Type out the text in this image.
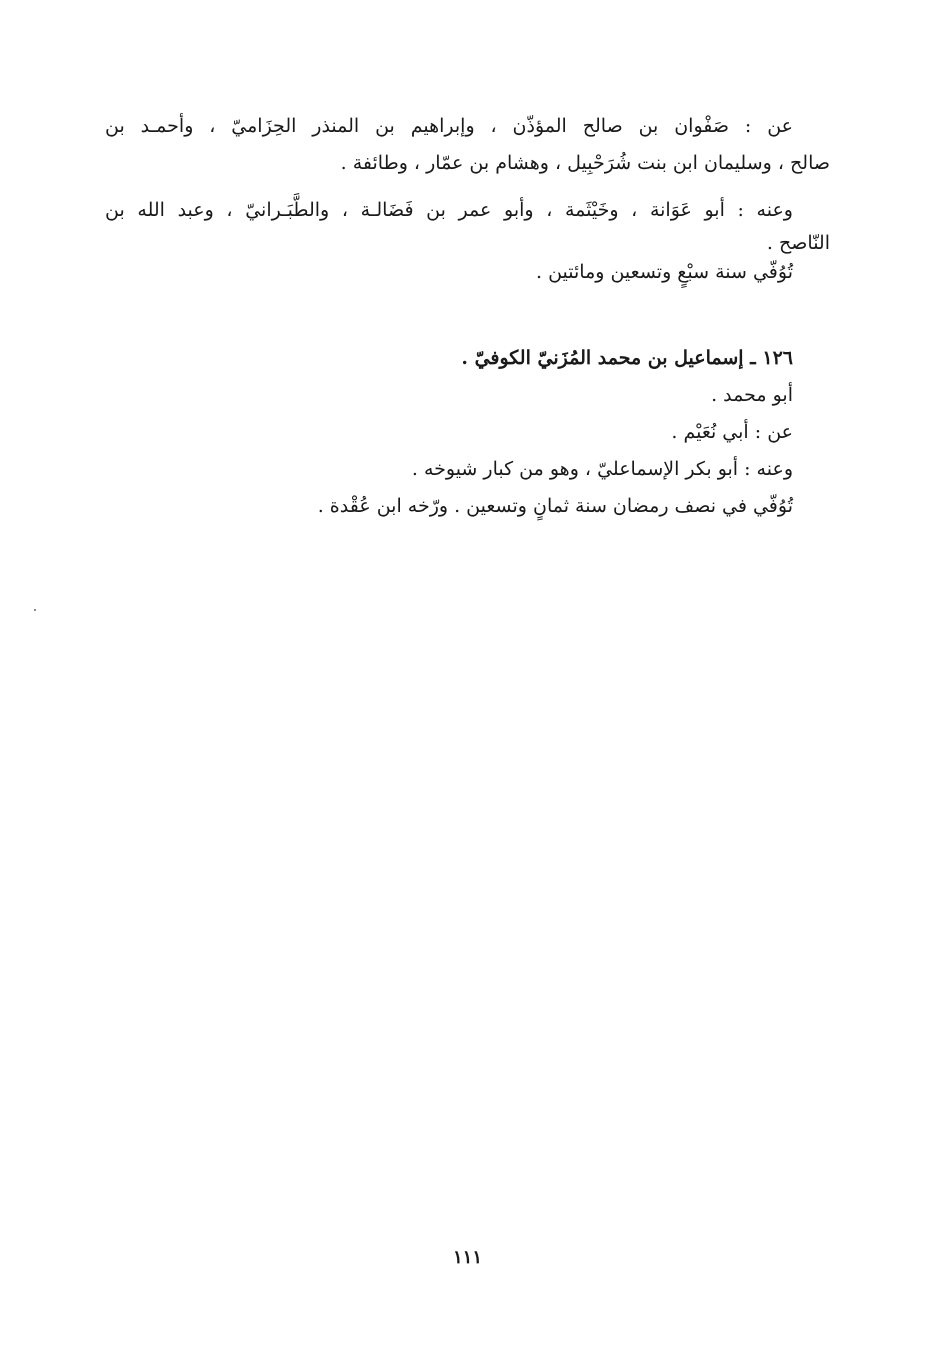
عن : صَفْوان بن صالح المؤذّن ، وإبراهيم بن المنذر الحِزَاميّ ، وأحمـد بن
صالح ، وسليمان ابن بنت شُرَحْبِيل ، وهشام بن عمّار ، وطائفة .
وعنه : أبو عَوَانة ، وخَيْثَمة ، وأبو عمر بن فَضَالـة ، والطَّبَـرانيّ ، وعبد الله بن
النّاصح .
تُوُفّي سنة سبْعٍ وتسعين ومائتين .
١٢٦ ـ إسماعيل بن محمد المُزَنيّ الكوفيّ .
أبو محمد .
عن : أبي نُعَيْم .
وعنه : أبو بكر الإسماعليّ ، وهو من كبار شيوخه .
تُوُفّي في نصف رمضان سنة ثمانٍ وتسعين . ورّخه ابن عُقْدة .
١١١
